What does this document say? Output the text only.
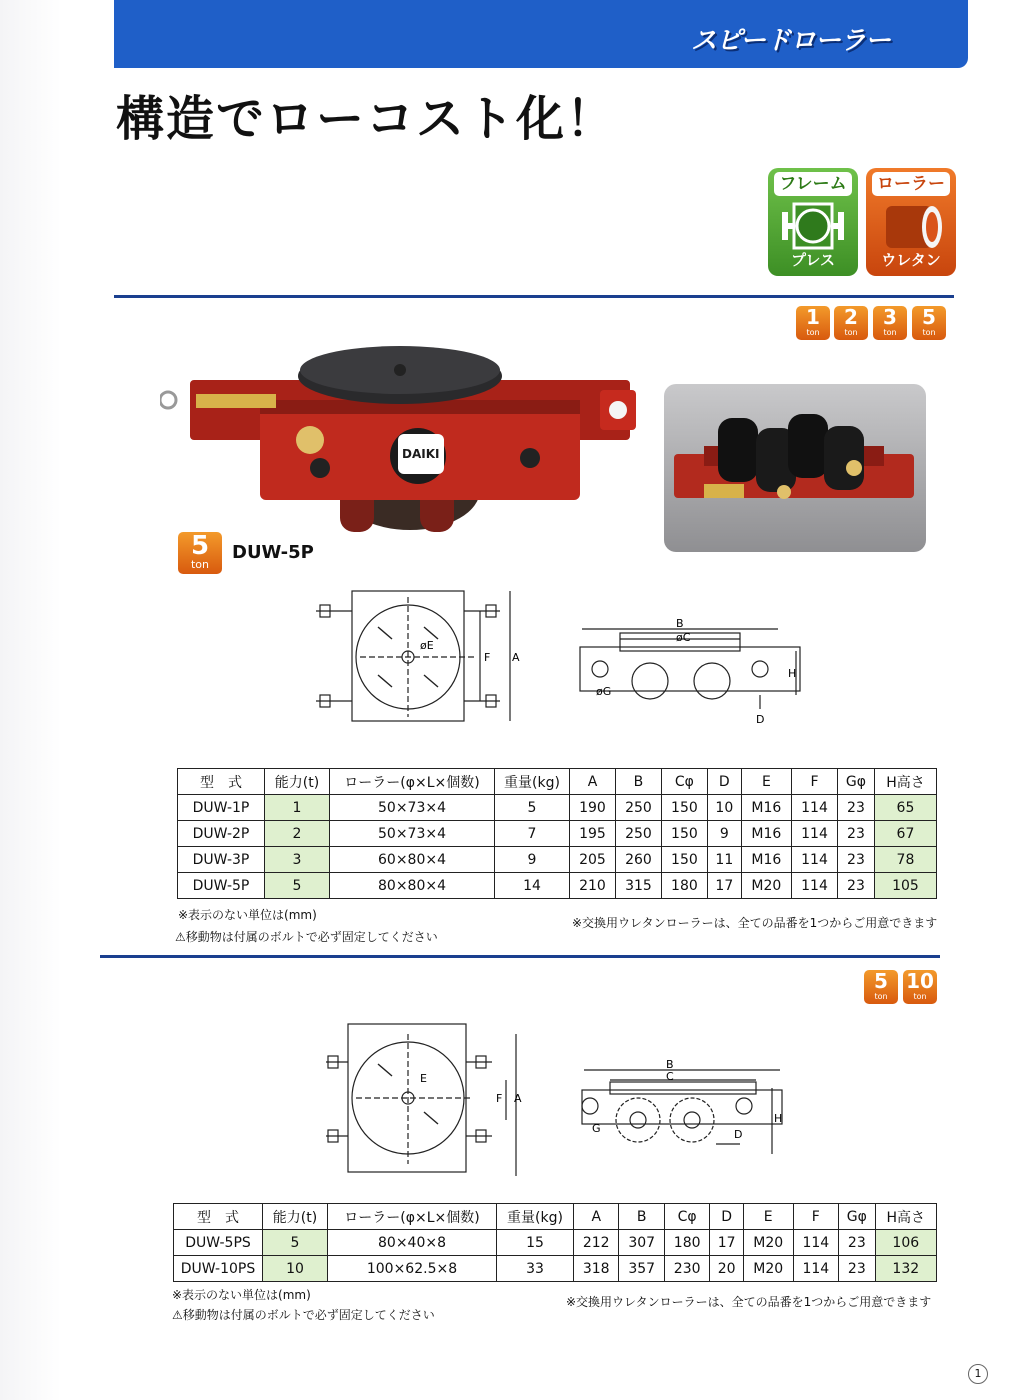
スピードローラー
構造でローコスト化！
フレーム
プレス
ローラー
ウレタン
1
ton
2
ton
3
ton
5
ton
DAIKI
5
ton
DUW-5P
øE
F A
B
øC
øG
H
D
型　式	能力(t)	ローラー(φ×L×個数)	重量(kg)	A	B	Cφ	D	E	F	Gφ	H高さ
DUW-1P	1	50×73×4	5	190	250	150	10	M16	114	23	65
DUW-2P	2	50×73×4	7	195	250	150	9	M16	114	23	67
DUW-3P	3	60×80×4	9	205	260	150	11	M16	114	23	78
DUW-5P	5	80×80×4	14	210	315	180	17	M20	114	23	105
※表示のない単位は(mm)
⚠移動物は付属のボルトで必ず固定してください
※交換用ウレタンローラーは、全ての品番を1つからご用意できます
5
ton
10
ton
E
F A
B
C
G
H
D
型　式	能力(t)	ローラー(φ×L×個数)	重量(kg)	A	B	Cφ	D	E	F	Gφ	H高さ
DUW-5PS	5	80×40×8	15	212	307	180	17	M20	114	23	106
DUW-10PS	10	100×62.5×8	33	318	357	230	20	M20	114	23	132
※表示のない単位は(mm)
⚠移動物は付属のボルトで必ず固定してください
※交換用ウレタンローラーは、全ての品番を1つからご用意できます
1
